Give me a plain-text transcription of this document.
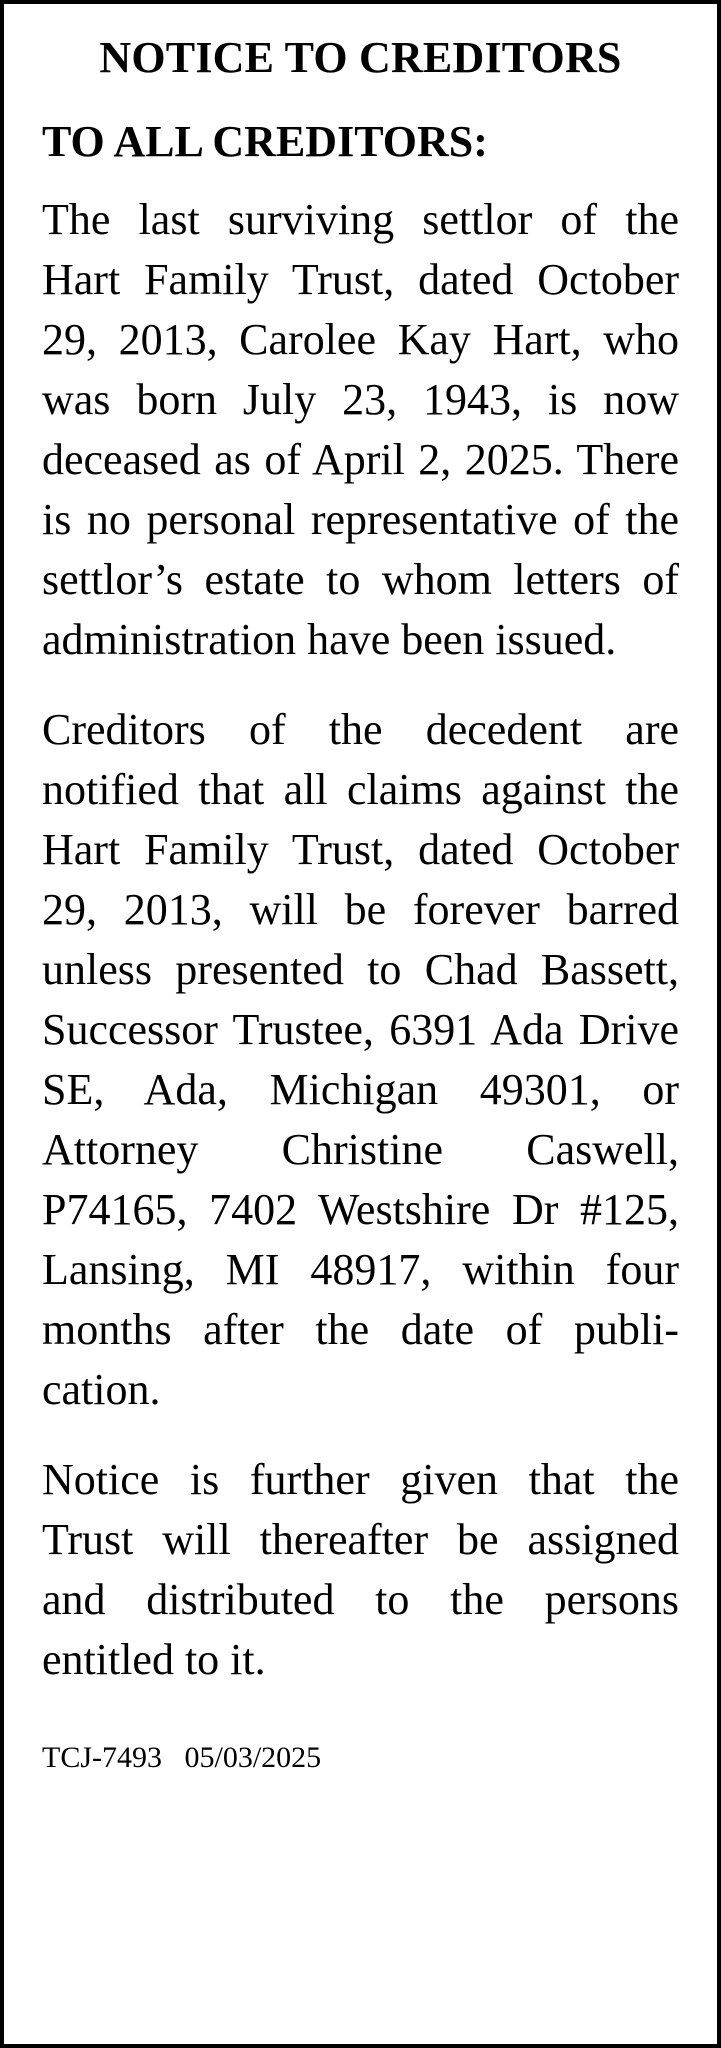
NOTICE TO CREDITORS
TO ALL CREDITORS:

The last surviving settlor of the Hart Family Trust, dated October 29, 2013, Carolee Kay Hart, who was born July 23, 1943, is now deceased as of April 2, 2025. There is no personal representative of the settlor’s estate to whom letters of administration have been issued.

Creditors of the decedent are notified that all claims against the Hart Family Trust, dated October 29, 2013, will be forever barred unless presented to Chad Bassett, Successor Trustee, 6391 Ada Drive SE, Ada, Michigan 49301, or Attorney Christine Caswell, P74165, 7402 Westshire Dr #125, Lansing, MI 48917, within four months after the date of publication.

Notice is further given that the Trust will thereafter be assigned and distributed to the persons entitled to it.

TCJ-7493 05/03/2025
